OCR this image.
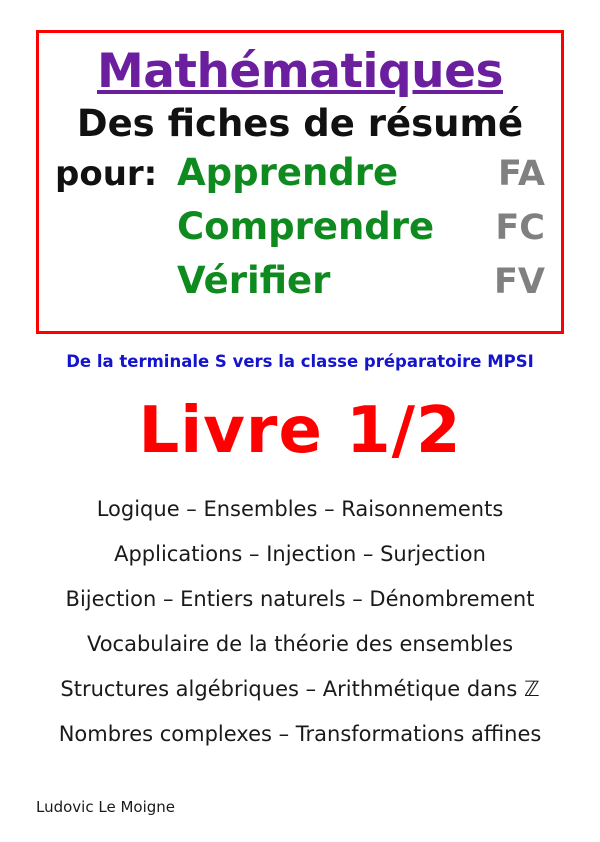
Mathématiques
Des fiches de résumé
pour: Apprendre	FA
Comprendre	FC
Vérifier	FV
De la terminale S vers la classe préparatoire MPSI
Livre 1/2
Logique – Ensembles – Raisonnements
Applications – Injection – Surjection
Bijection – Entiers naturels – Dénombrement
Vocabulaire de la théorie des ensembles
Structures algébriques – Arithmétique dans ℤ
Nombres complexes – Transformations affines
Ludovic Le Moigne
